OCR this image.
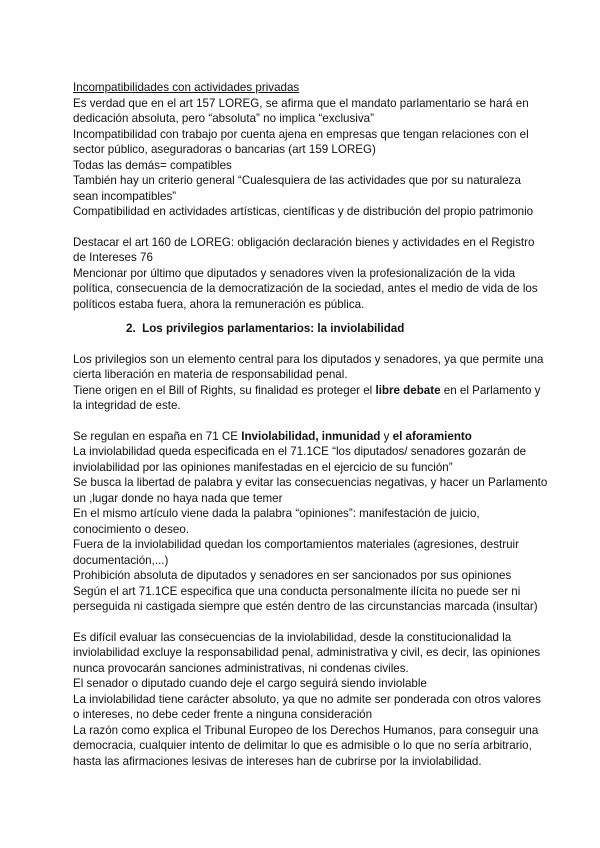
Incompatibilidades con actividades privadas
Es verdad que en el art 157 LOREG, se afirma que el mandato parlamentario se hará en
dedicación absoluta, pero “absoluta” no implica “exclusiva”
Incompatibilidad con trabajo por cuenta ajena en empresas que tengan relaciones con el
sector público, aseguradoras o bancarias (art 159 LOREG)
Todas las demás= compatibles
También hay un criterio general “Cualesquiera de las actividades que por su naturaleza
sean incompatibles”
Compatibilidad en actividades artísticas, científicas y de distribución del propio patrimonio
Destacar el art 160 de LOREG: obligación declaración bienes y actividades en el Registro
de Intereses 76
Mencionar por último que diputados y senadores viven la profesionalización de la vida
política, consecuencia de la democratización de la sociedad, antes el medio de vida de los
políticos estaba fuera, ahora la remuneración es pública.
2.  Los privilegios parlamentarios: la inviolabilidad
Los privilegios son un elemento central para los diputados y senadores, ya que permite una
cierta liberación en materia de responsabilidad penal.
Tiene origen en el Bill of Rights, su finalidad es proteger el libre debate en el Parlamento y
la integridad de este.
Se regulan en españa en 71 CE Inviolabilidad, inmunidad y el aforamiento
La inviolabilidad queda especificada en el 71.1CE “los diputados/ senadores gozarán de
inviolabilidad por las opiniones manifestadas en el ejercicio de su función”
Se busca la libertad de palabra y evitar las consecuencias negativas, y hacer un Parlamento
un ,lugar donde no haya nada que temer
En el mismo artículo viene dada la palabra “opiniones”: manifestación de juicio,
conocimiento o deseo.
Fuera de la inviolabilidad quedan los comportamientos materiales (agresiones, destruir
documentación,...)
Prohibición absoluta de diputados y senadores en ser sancionados por sus opiniones
Según el art 71.1CE especifica que una conducta personalmente ilícita no puede ser ni
perseguida ni castigada siempre que estén dentro de las circunstancias marcada (insultar)
Es difícil evaluar las consecuencias de la inviolabilidad, desde la constitucionalidad la
inviolabilidad excluye la responsabilidad penal, administrativa y civil, es decir, las opiniones
nunca provocarán sanciones administrativas, ni condenas civiles.
El senador o diputado cuando deje el cargo seguirá siendo inviolable
La inviolabilidad tiene carácter absoluto, ya que no admite ser ponderada con otros valores
o intereses, no debe ceder frente a ninguna consideración
La razón como explica el Tribunal Europeo de los Derechos Humanos, para conseguir una
democracia, cualquier intento de delimitar lo que es admisible o lo que no sería arbitrario,
hasta las afirmaciones lesivas de intereses han de cubrirse por la inviolabilidad.
